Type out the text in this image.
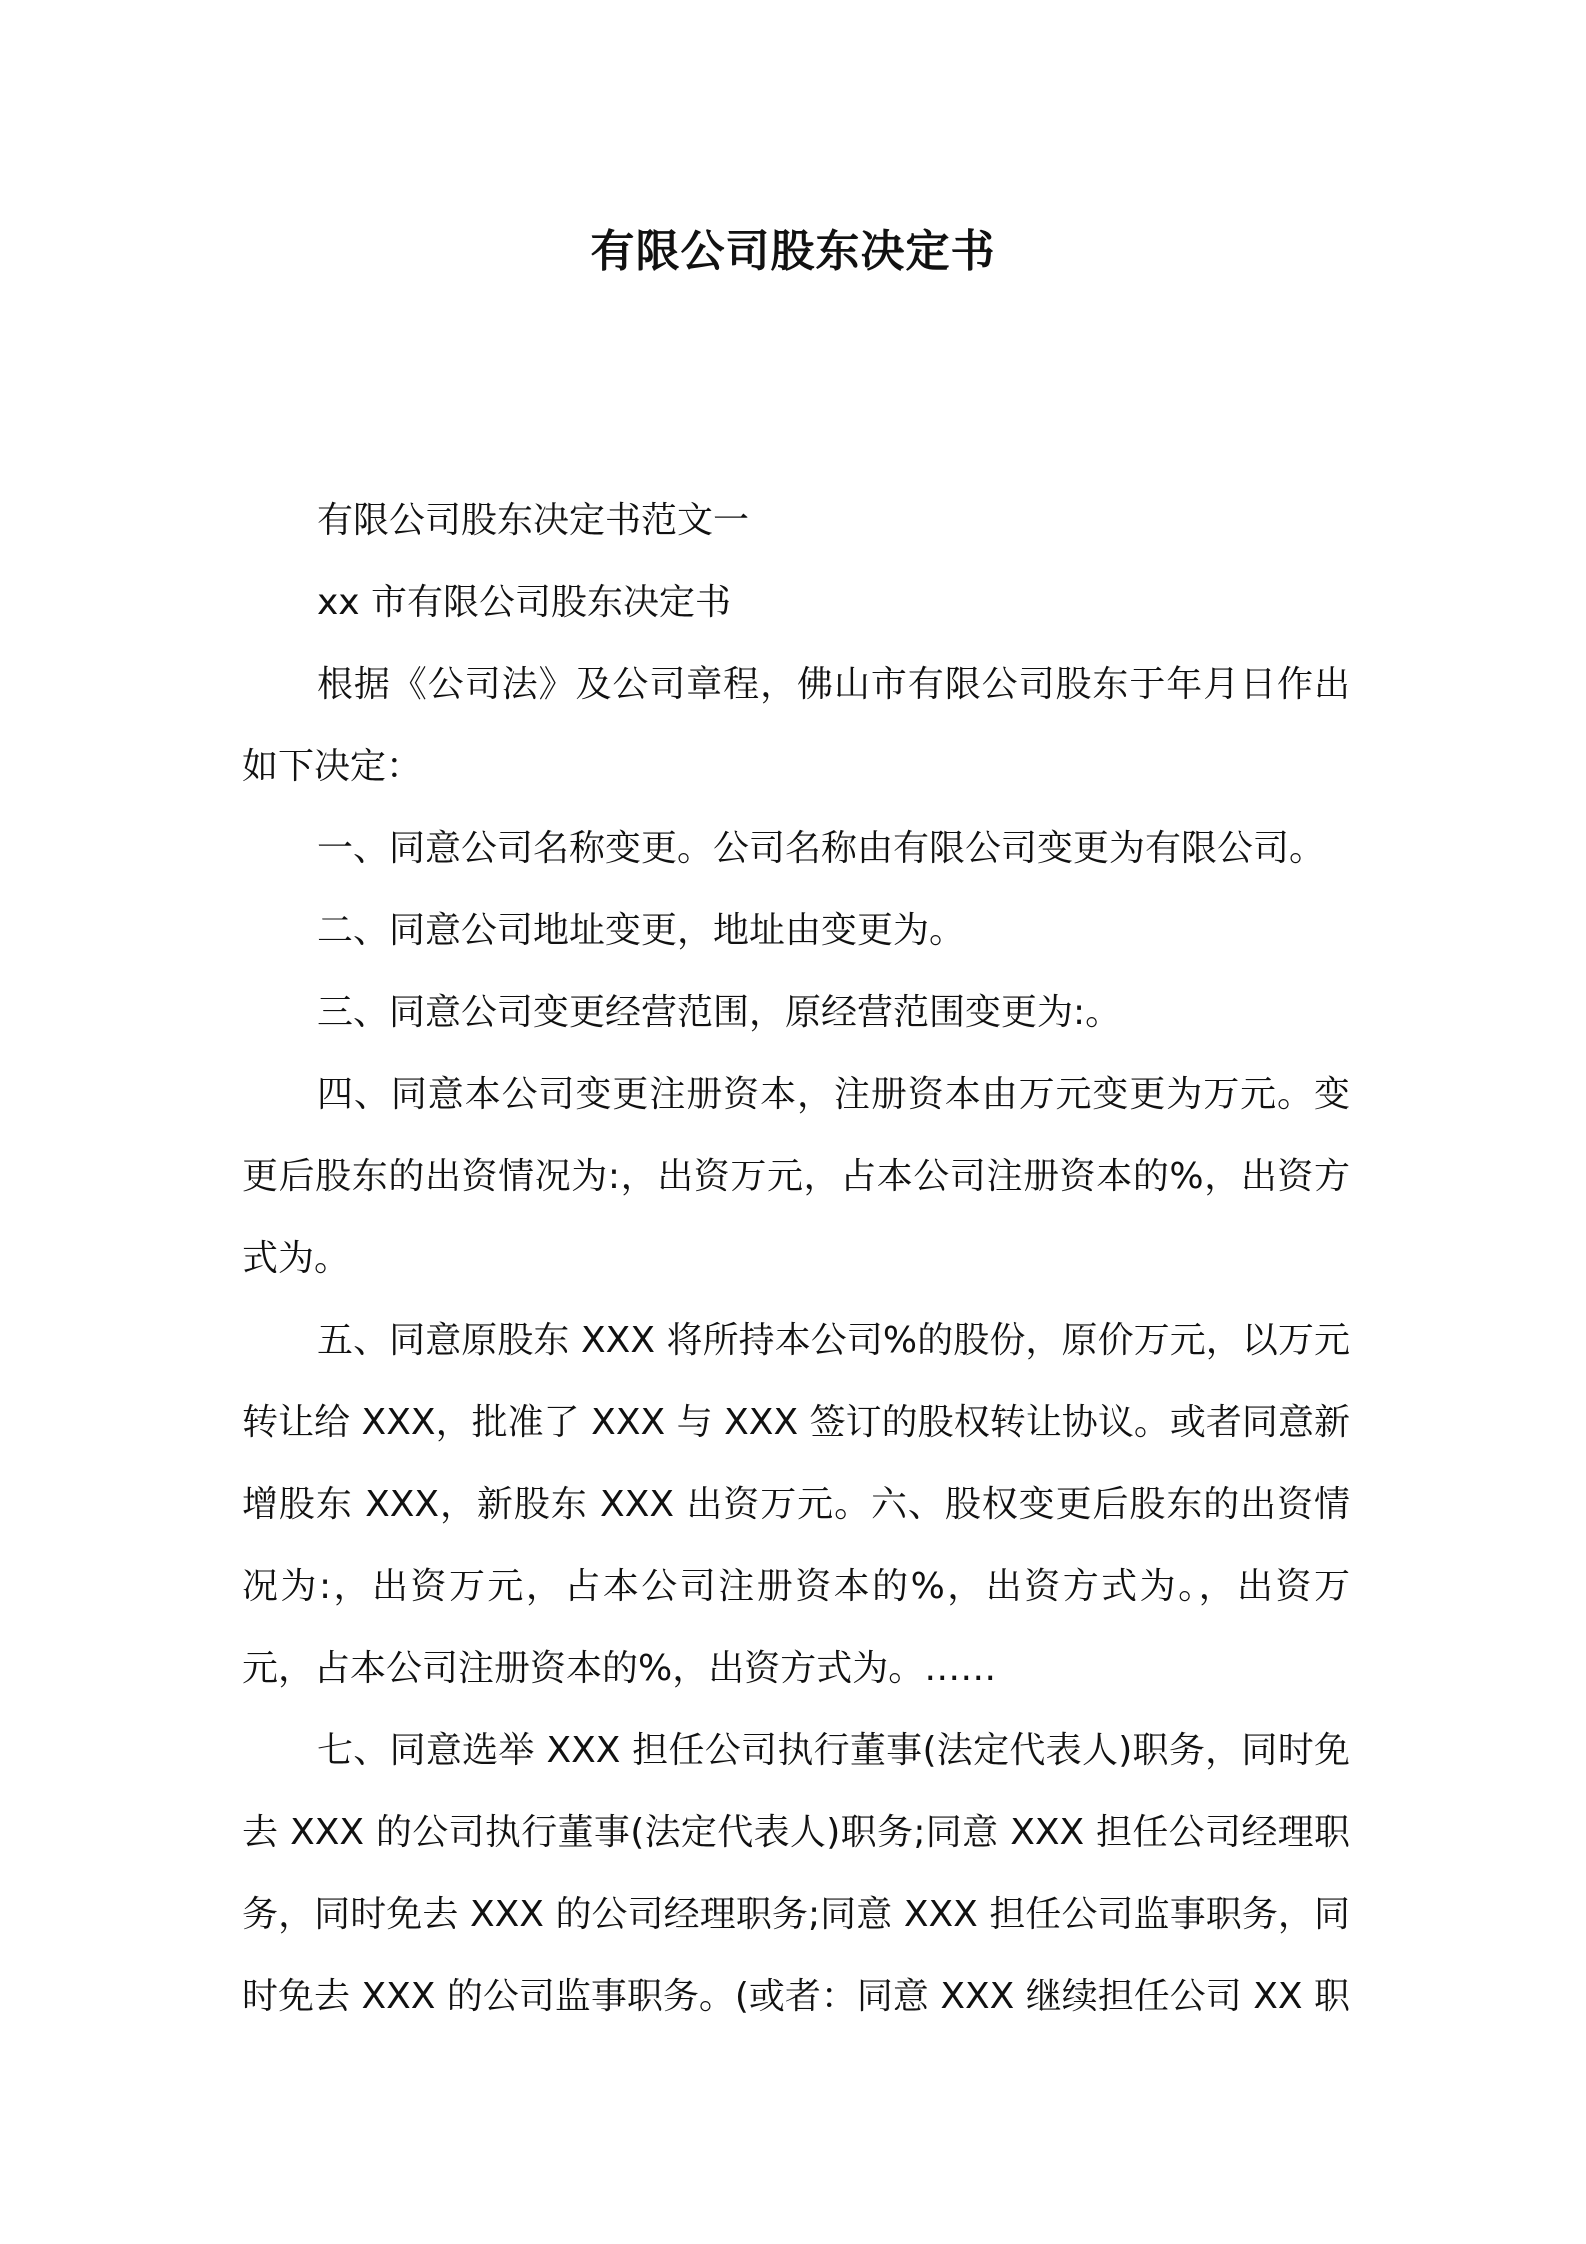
有限公司股东决定书

有限公司股东决定书范文一

xx 市有限公司股东决定书

根据《公司法》及公司章程，佛山市有限公司股东于年月日作出如下决定：

一、同意公司名称变更。公司名称由有限公司变更为有限公司。

二、同意公司地址变更，地址由变更为。

三、同意公司变更经营范围，原经营范围变更为:。

四、同意本公司变更注册资本，注册资本由万元变更为万元。变更后股东的出资情况为:，出资万元，占本公司注册资本的%，出资方式为。

五、同意原股东 XXX 将所持本公司%的股份，原价万元，以万元转让给 XXX，批准了 XXX 与 XXX 签订的股权转让协议。或者同意新增股东 XXX，新股东 XXX 出资万元。六、股权变更后股东的出资情况为:，出资万元，占本公司注册资本的%，出资方式为。，出资万元，占本公司注册资本的%，出资方式为。……

七、同意选举 XXX 担任公司执行董事(法定代表人)职务，同时免去 XXX 的公司执行董事(法定代表人)职务;同意 XXX 担任公司经理职务，同时免去 XXX 的公司经理职务;同意 XXX 担任公司监事职务，同时免去 XXX 的公司监事职务。(或者：同意 XXX 继续担任公司 XX 职
